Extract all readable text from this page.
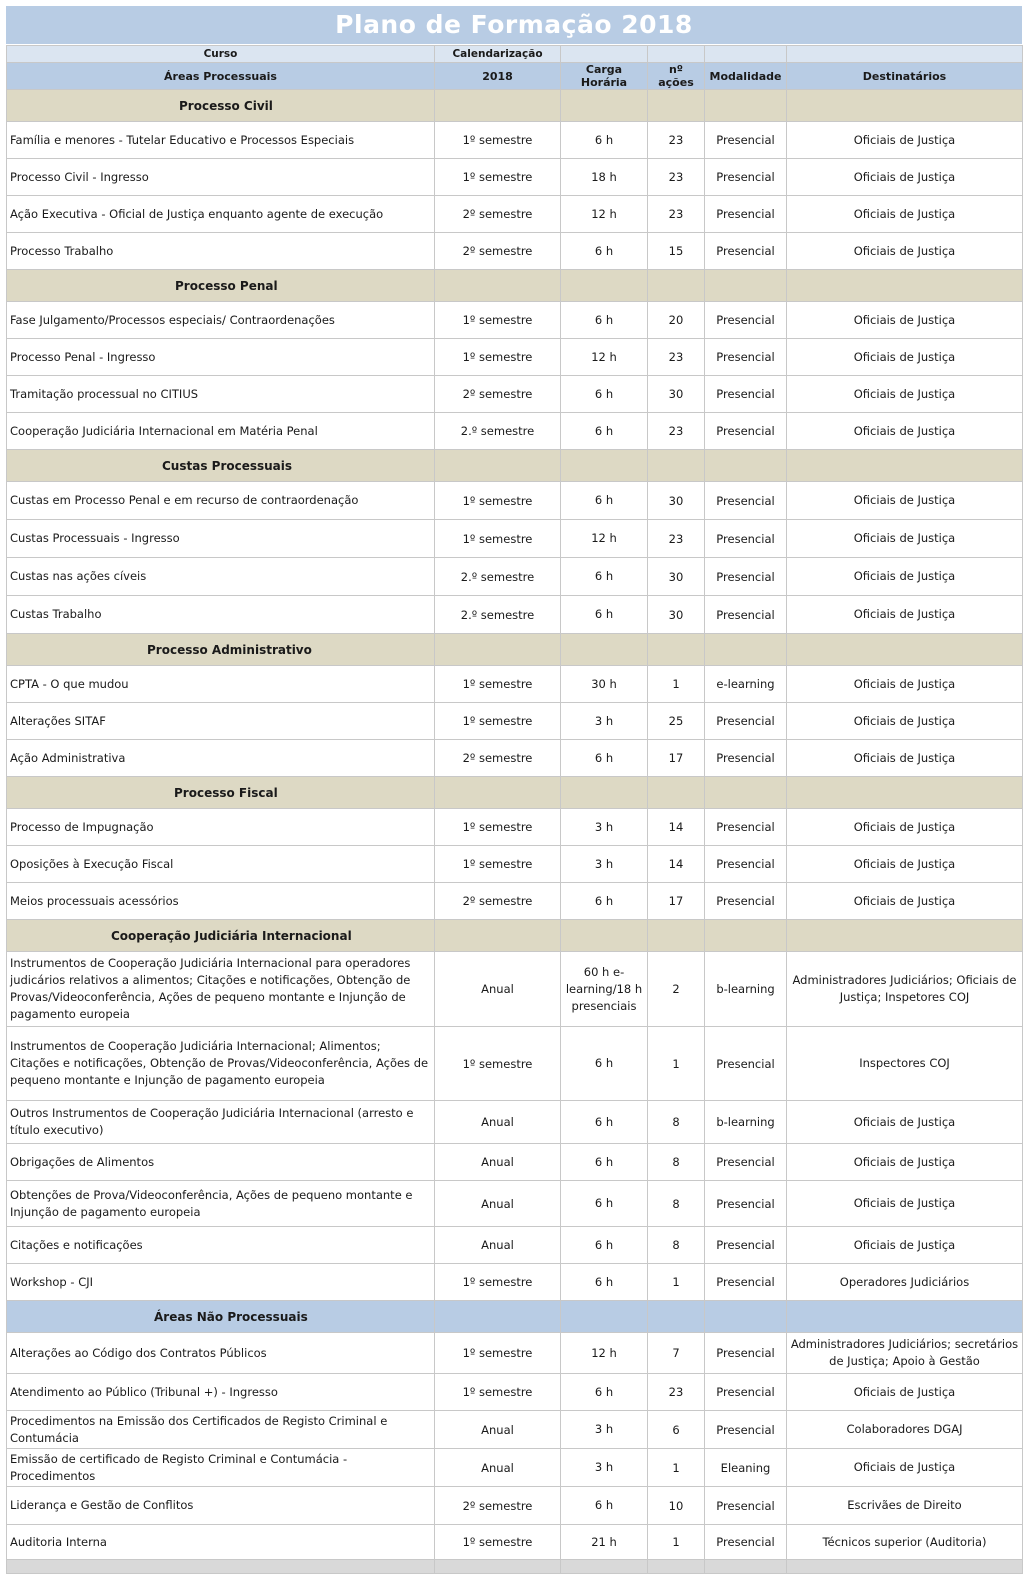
Plano de Formação 2018
Curso	Calendarização				
Áreas Processuais	2018	Carga Horária	nº ações	Modalidade	Destinatários
Processo Civil					
Família e menores - Tutelar Educativo e Processos Especiais	1º semestre	6 h	23	Presencial	Oficiais de Justiça
Processo Civil - Ingresso	1º semestre	18 h	23	Presencial	Oficiais de Justiça
Ação Executiva - Oficial de Justiça enquanto agente de execução	2º semestre	12 h	23	Presencial	Oficiais de Justiça
Processo Trabalho	2º semestre	6 h	15	Presencial	Oficiais de Justiça
Processo Penal					
Fase Julgamento/Processos especiais/ Contraordenações	1º semestre	6 h	20	Presencial	Oficiais de Justiça
Processo Penal - Ingresso	1º semestre	12 h	23	Presencial	Oficiais de Justiça
Tramitação processual no CITIUS	2º semestre	6 h	30	Presencial	Oficiais de Justiça
Cooperação Judiciária Internacional em Matéria Penal	2.º semestre	6 h	23	Presencial	Oficiais de Justiça
Custas Processuais					
Custas em Processo Penal e em recurso de contraordenação	1º semestre	6 h	30	Presencial	Oficiais de Justiça
Custas Processuais - Ingresso	1º semestre	12 h	23	Presencial	Oficiais de Justiça
Custas nas ações cíveis	2.º semestre	6 h	30	Presencial	Oficiais de Justiça
Custas Trabalho	2.º semestre	6 h	30	Presencial	Oficiais de Justiça
Processo Administrativo					
CPTA - O que mudou	1º semestre	30 h	1	e-learning	Oficiais de Justiça
Alterações SITAF	1º semestre	3 h	25	Presencial	Oficiais de Justiça
Ação Administrativa	2º semestre	6 h	17	Presencial	Oficiais de Justiça
Processo Fiscal					
Processo de Impugnação	1º semestre	3 h	14	Presencial	Oficiais de Justiça
Oposições à Execução Fiscal	1º semestre	3 h	14	Presencial	Oficiais de Justiça
Meios processuais acessórios	2º semestre	6 h	17	Presencial	Oficiais de Justiça
Cooperação Judiciária Internacional					
Instrumentos de Cooperação Judiciária Internacional para operadores judicários relativos a alimentos; Citações e notificações, Obtenção de Provas/Videoconferência, Ações de pequeno montante e Injunção de pagamento europeia	Anual	60 h e-learning/18 h presenciais	2	b-learning	Administradores Judiciários; Oficiais de Justiça; Inspetores COJ
Instrumentos de Cooperação Judiciária Internacional; Alimentos; Citações e notificações, Obtenção de Provas/Videoconferência, Ações de pequeno montante e Injunção de pagamento europeia	1º semestre	6 h	1	Presencial	Inspectores COJ
Outros Instrumentos de Cooperação Judiciária Internacional (arresto e título executivo)	Anual	6 h	8	b-learning	Oficiais de Justiça
Obrigações de Alimentos	Anual	6 h	8	Presencial	Oficiais de Justiça
Obtenções de Prova/Videoconferência, Ações de pequeno montante e Injunção de pagamento europeia	Anual	6 h	8	Presencial	Oficiais de Justiça
Citações e notificações	Anual	6 h	8	Presencial	Oficiais de Justiça
Workshop - CJI	1º semestre	6 h	1	Presencial	Operadores Judiciários
Áreas Não Processuais					
Alterações ao Código dos Contratos Públicos	1º semestre	12 h	7	Presencial	Administradores Judiciários; secretários de Justiça; Apoio à Gestão
Atendimento ao Público (Tribunal +) - Ingresso	1º semestre	6 h	23	Presencial	Oficiais de Justiça
Procedimentos na Emissão dos Certificados de Registo Criminal e Contumácia	Anual	3 h	6	Presencial	Colaboradores DGAJ
Emissão de certificado de Registo Criminal e Contumácia - Procedimentos	Anual	3 h	1	Eleaning	Oficiais de Justiça
Liderança e Gestão de Conflitos	2º semestre	6 h	10	Presencial	Escrivães de Direito
Auditoria Interna	1º semestre	21 h	1	Presencial	Técnicos superior (Auditoria)
